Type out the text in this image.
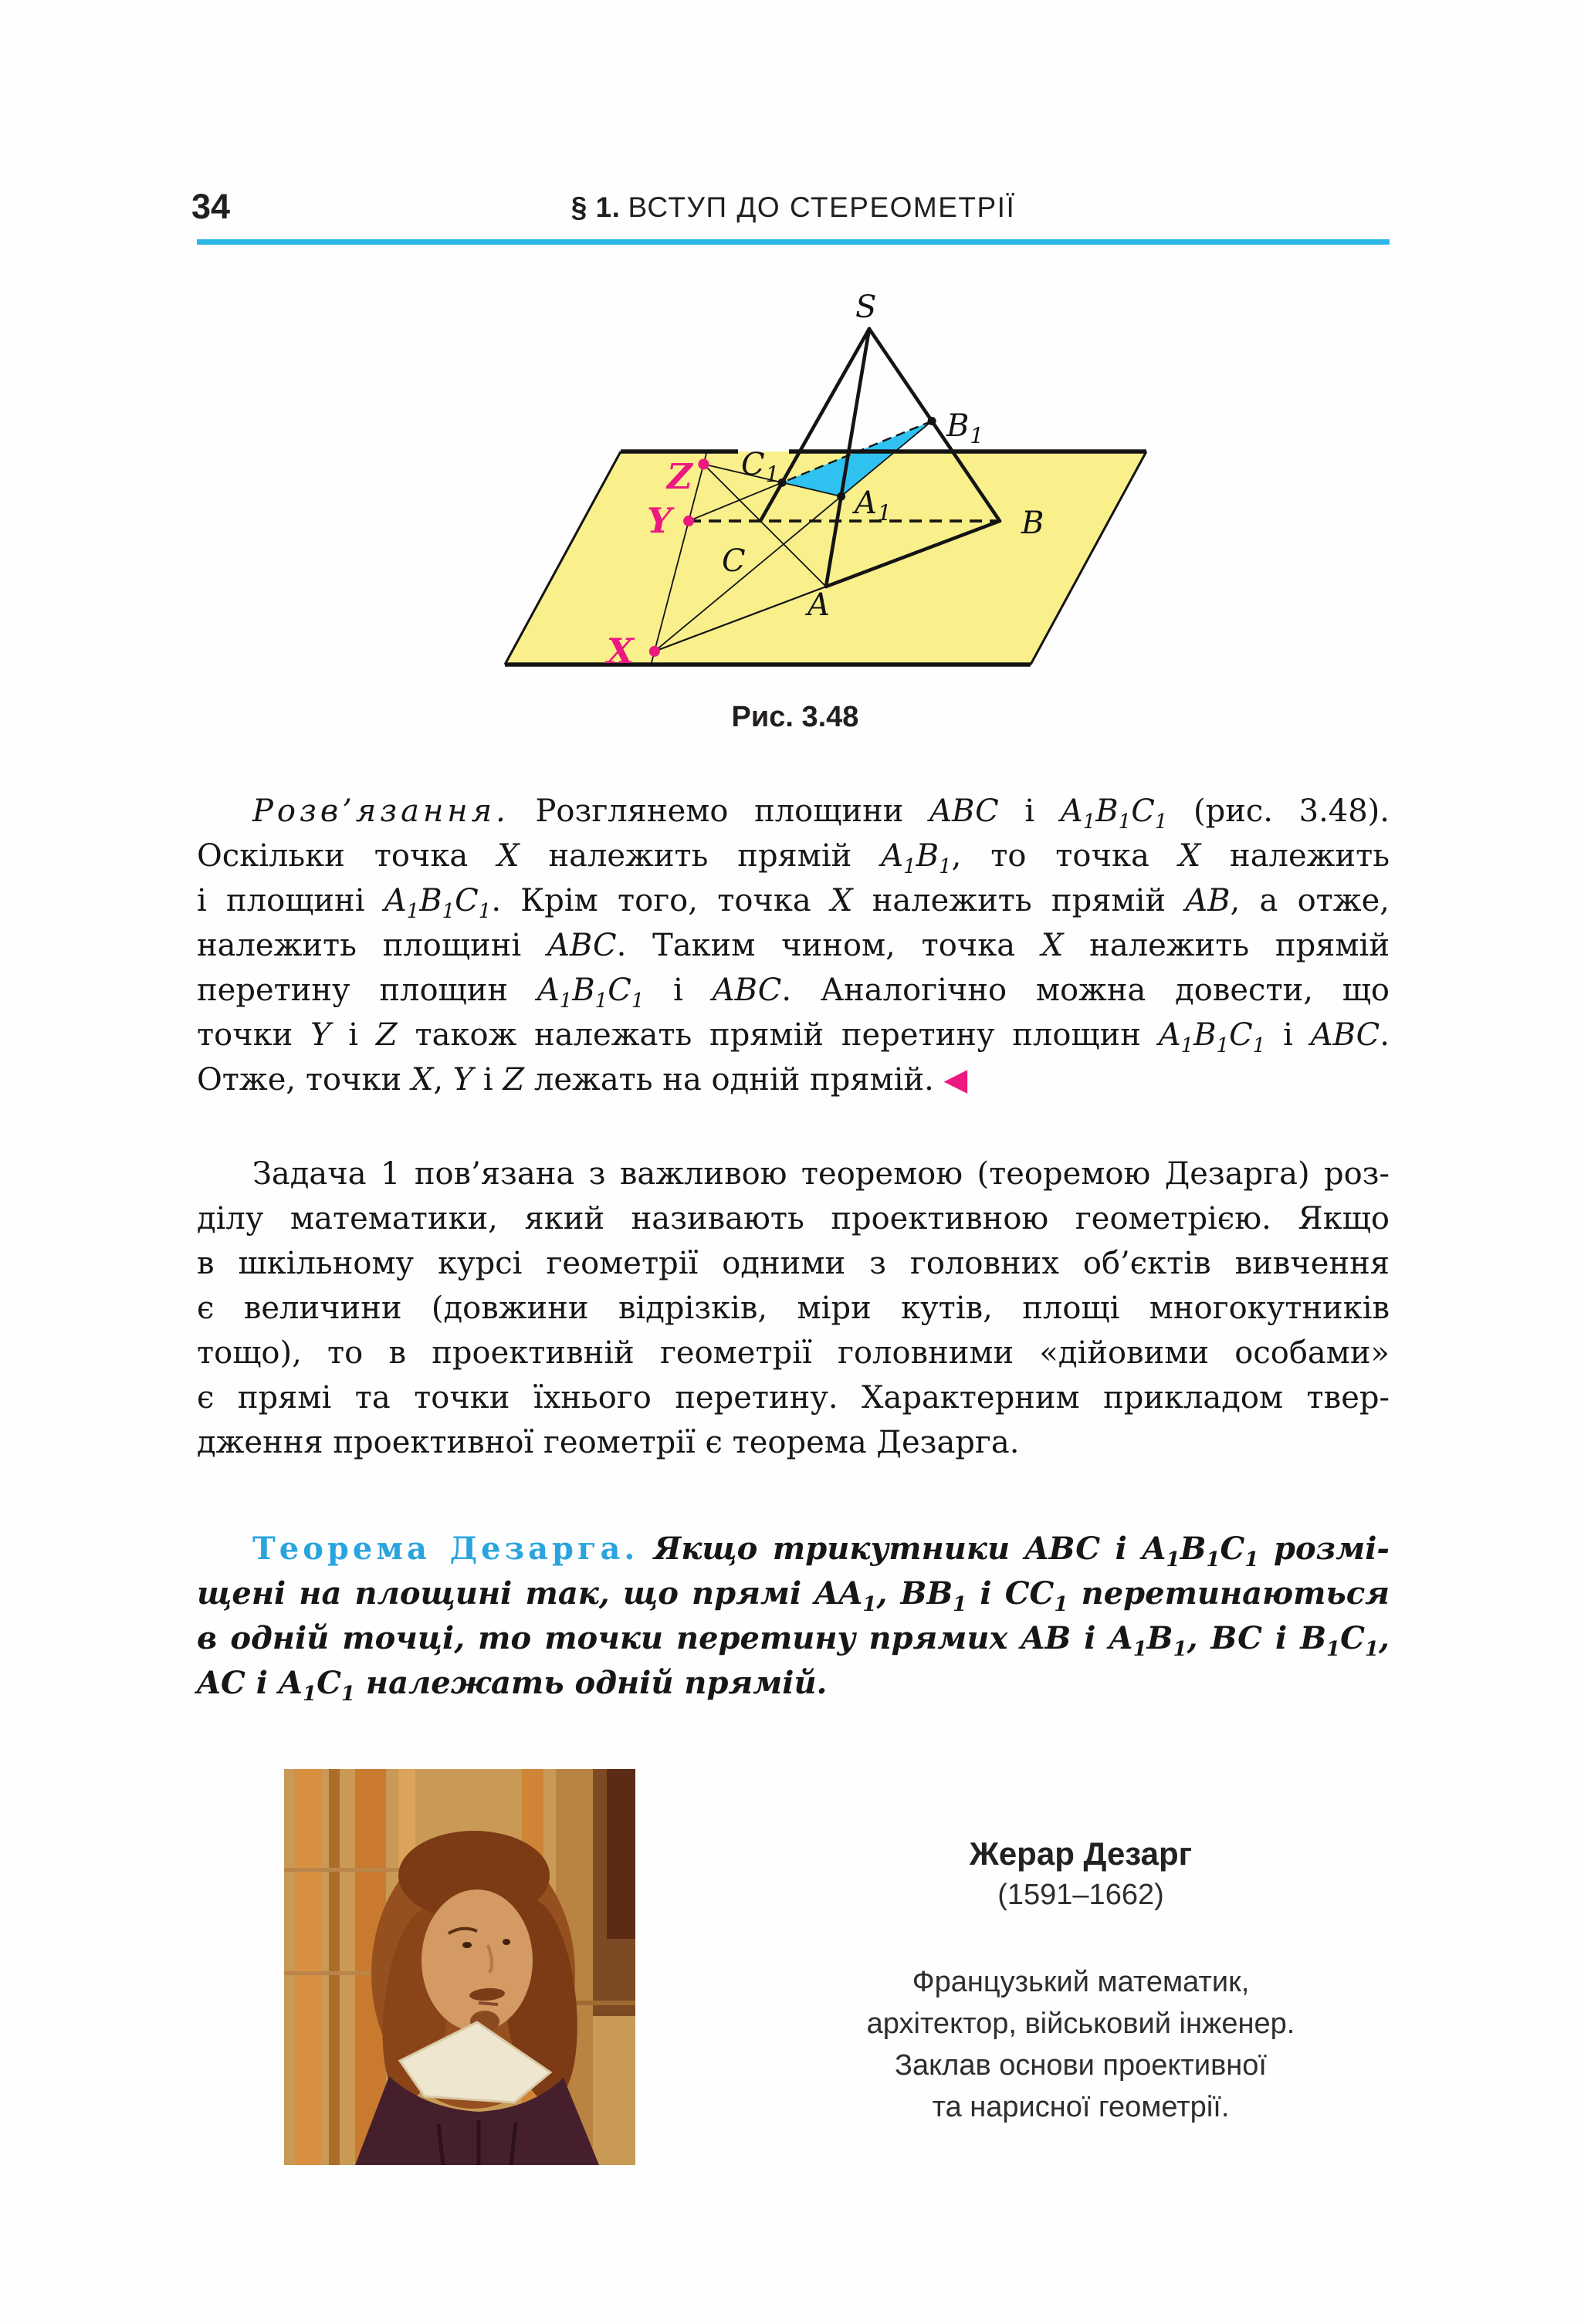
34	§ 1. ВСТУП ДО СТЕРЕОМЕТРІЇ
S
A
B
C
$A_1$
$B_1$
$C_1$
X
Y
Z
Рис. 3.48
Розв’язання. Розглянемо площини ABC і $A_1B_1C_1$ (рис. 3.48).
Оскільки точка X належить прямій $A_1B_1$, то точка X належить
і площині $A_1B_1C_1$. Крім того, точка X належить прямій AB, а отже,
належить площині ABC. Таким чином, точка X належить прямій
перетину площин $A_1B_1C_1$ і ABC. Аналогічно можна довести, що
точки Y і Z також належать прямій перетину площин $A_1B_1C_1$ і ABC.
Отже, точки X, Y і Z лежать на одній прямій. ◀
Задача 1 пов’язана з важливою теоремою (теоремою Дезарга) роз-
ділу математики, який називають проективною геометрією. Якщо
в шкільному курсі геометрії одними з головних об’єктів вивчення
є величини (довжини відрізків, міри кутів, площі многокутників
тощо), то в проективній геометрії головними «дійовими особами»
є прямі та точки їхнього перетину. Характерним прикладом твер-
дження проективної геометрії є теорема Дезарга.
Теорема Дезарга. Якщо трикутники ABC і $A_1B_1C_1$ розмі-
щені на площині так, що прямі $AA_1$, $BB_1$ і $CC_1$ перетинаються
в одній точці, то точки перетину прямих AB і $A_1B_1$, BC і $B_1C_1$,
AC і $A_1C_1$ належать одній прямій.
Жерар Дезарг
(1591–1662)
Французький математик,
архітектор, військовий інженер.
Заклав основи проективної
та нарисної геометрії.
